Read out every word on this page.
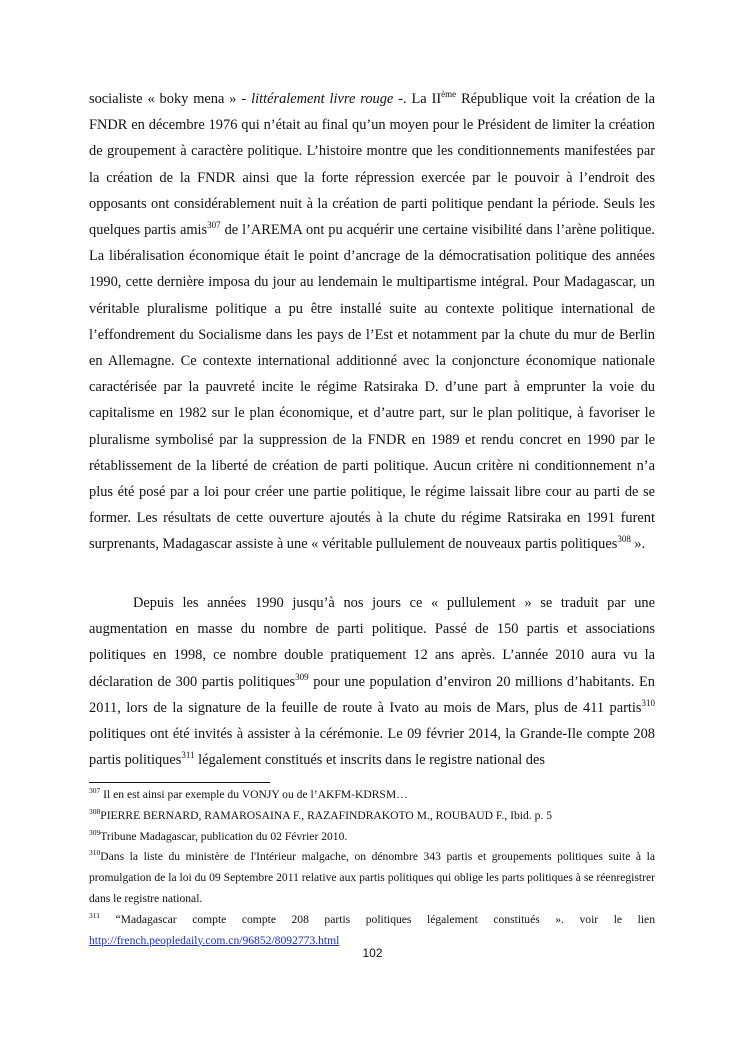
socialiste « boky mena » - littéralement livre rouge -. La IIème République voit la création de la FNDR en décembre 1976 qui n’était au final qu’un moyen pour le Président de limiter la création de groupement à caractère politique. L’histoire montre que les conditionnements manifestées par la création de la FNDR ainsi que la forte répression exercée par le pouvoir à l’endroit des opposants ont considérablement nuit à la création de parti politique pendant la période. Seuls les quelques partis amis$^{307}$ de l’AREMA ont pu acquérir une certaine visibilité dans l’arène politique. La libéralisation économique était le point d’ancrage de la démocratisation politique des années 1990, cette dernière imposa du jour au lendemain le multipartisme intégral. Pour Madagascar, un véritable pluralisme politique a pu être installé suite au contexte politique international de l’effondrement du Socialisme dans les pays de l’Est et notamment par la chute du mur de Berlin en Allemagne. Ce contexte international additionné avec la conjoncture économique nationale caractérisée par la pauvreté incite le régime Ratsiraka D. d’une part à emprunter la voie du capitalisme en 1982 sur le plan économique, et d’autre part, sur le plan politique, à favoriser le pluralisme symbolisé par la suppression de la FNDR en 1989 et rendu concret en 1990 par le rétablissement de la liberté de création de parti politique. Aucun critère ni conditionnement n’a plus été posé par a loi pour créer une partie politique, le régime laissait libre cour au parti de se former. Les résultats de cette ouverture ajoutés à la chute du régime Ratsiraka en 1991 furent surprenants, Madagascar assiste à une « véritable pullulement de nouveaux partis politiques$^{308}$ ».

Depuis les années 1990 jusqu’à nos jours ce « pullulement » se traduit par une augmentation en masse du nombre de parti politique. Passé de 150 partis et associations politiques en 1998, ce nombre double pratiquement 12 ans après. L’année 2010 aura vu la déclaration de 300 partis politiques$^{309}$ pour une population d’environ 20 millions d’habitants. En 2011, lors de la signature de la feuille de route à Ivato au mois de Mars, plus de 411 partis$^{310}$ politiques ont été invités à assister à la cérémonie. Le 09 février 2014, la Grande-Ile compte 208 partis politiques$^{311}$ légalement constitués et inscrits dans le registre national des

$^{307}$ Il en est ainsi par exemple du VONJY ou de l’AKFM-KDRSM…

$^{308}$PIERRE BERNARD, RAMAROSAINA F., RAZAFINDRAKOTO M., ROUBAUD F., Ibid. p. 5

$^{309}$Tribune Madagascar, publication du 02 Février 2010.

$^{310}$Dans la liste du ministère de l'Intérieur malgache, on dénombre 343 partis et groupements politiques suite à la promulgation de la loi du 09 Septembre 2011 relative aux partis politiques qui oblige les parts politiques à se réenregistrer dans le registre national.

$^{311}$ “Madagascar compte compte 208 partis politiques légalement constitués ». voir le lien http://french.peopledaily.com.cn/96852/8092773.html

102
